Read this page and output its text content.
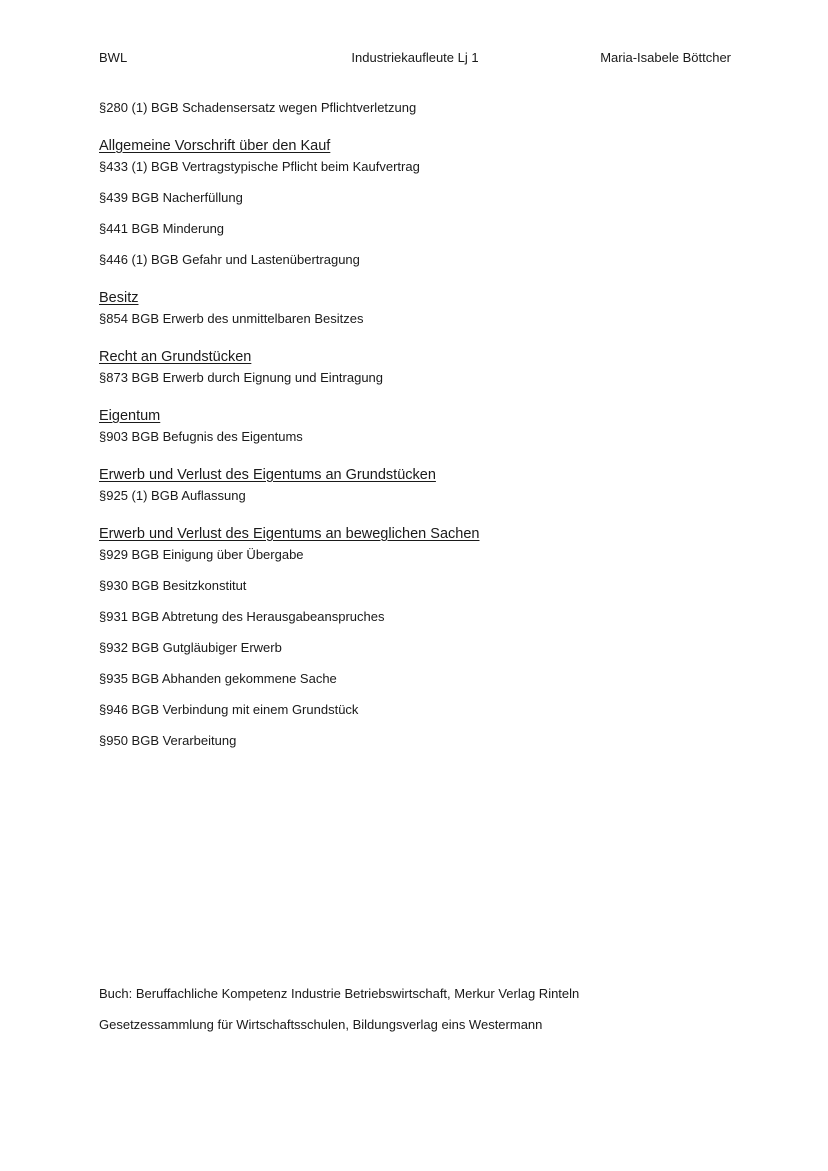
BWL	Industriekaufleute Lj 1	Maria-Isabele Böttcher
§280 (1) BGB Schadensersatz wegen Pflichtverletzung
Allgemeine Vorschrift über den Kauf
§433 (1) BGB Vertragstypische Pflicht beim Kaufvertrag
§439 BGB Nacherfüllung
§441 BGB Minderung
§446 (1) BGB Gefahr und Lastenübertragung
Besitz
§854 BGB Erwerb des unmittelbaren Besitzes
Recht an Grundstücken
§873 BGB Erwerb durch Eignung und Eintragung
Eigentum
§903 BGB Befugnis des Eigentums
Erwerb und Verlust des Eigentums an Grundstücken
§925 (1) BGB Auflassung
Erwerb und Verlust des Eigentums an beweglichen Sachen
§929 BGB Einigung über Übergabe
§930 BGB Besitzkonstitut
§931 BGB Abtretung des Herausgabeanspruches
§932 BGB Gutgläubiger Erwerb
§935 BGB Abhanden gekommene Sache
§946 BGB Verbindung mit einem Grundstück
§950 BGB Verarbeitung
Buch: Beruffachliche Kompetenz Industrie Betriebswirtschaft, Merkur Verlag Rinteln
Gesetzessammlung für Wirtschaftsschulen, Bildungsverlag eins Westermann
